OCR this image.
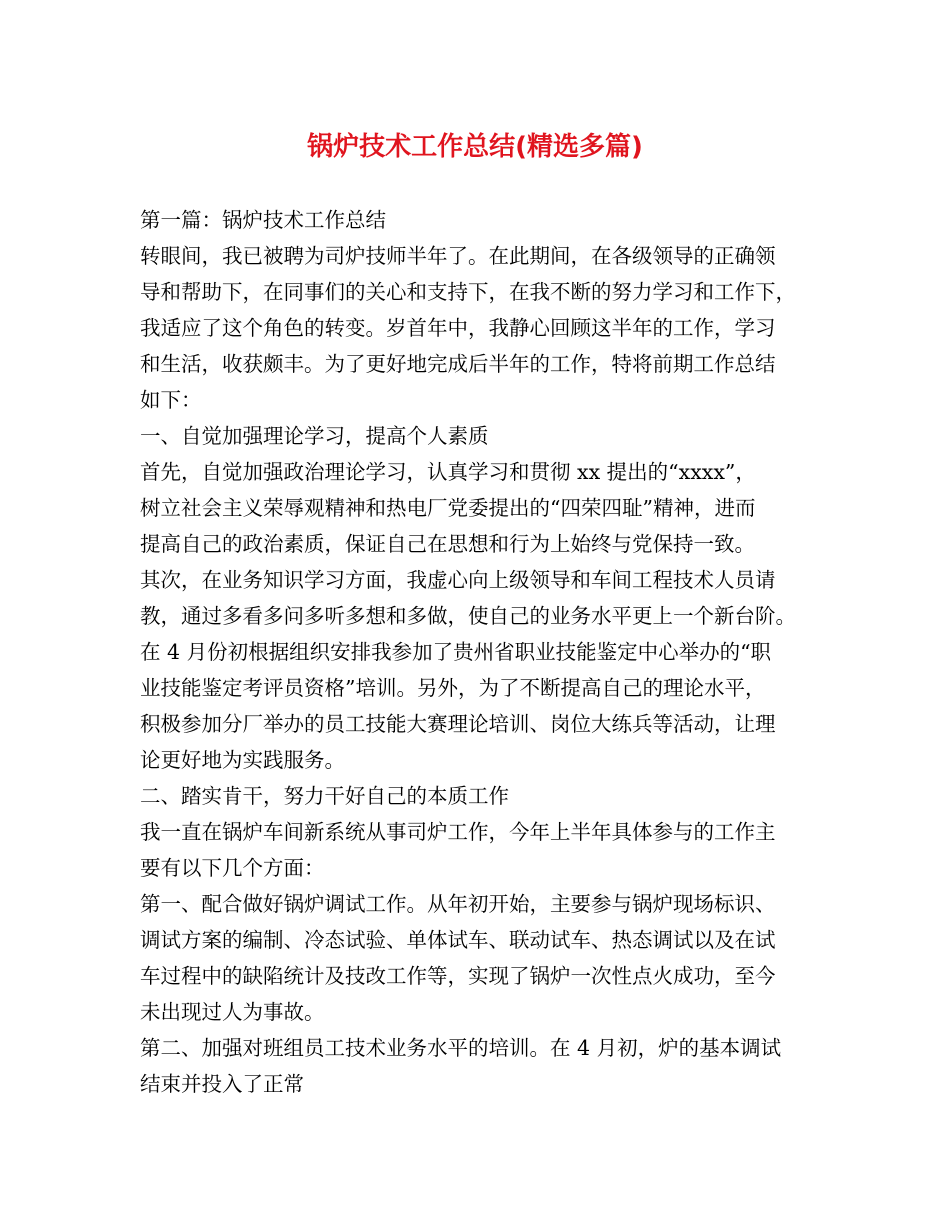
锅炉技术工作总结(精选多篇)
第一篇：锅炉技术工作总结
转眼间，我已被聘为司炉技师半年了。在此期间，在各级领导的正确领
导和帮助下，在同事们的关心和支持下，在我不断的努力学习和工作下，
我适应了这个角色的转变。岁首年中，我静心回顾这半年的工作，学习
和生活，收获颇丰。为了更好地完成后半年的工作，特将前期工作总结
如下：
一、自觉加强理论学习，提高个人素质
首先，自觉加强政治理论学习，认真学习和贯彻 xx 提出的“xxxx”，
树立社会主义荣辱观精神和热电厂党委提出的“四荣四耻”精神，进而
提高自己的政治素质，保证自己在思想和行为上始终与党保持一致。
其次，在业务知识学习方面，我虚心向上级领导和车间工程技术人员请
教，通过多看多问多听多想和多做，使自己的业务水平更上一个新台阶。
在 4 月份初根据组织安排我参加了贵州省职业技能鉴定中心举办的“职
业技能鉴定考评员资格”培训。另外，为了不断提高自己的理论水平，
积极参加分厂举办的员工技能大赛理论培训、岗位大练兵等活动，让理
论更好地为实践服务。
二、踏实肯干，努力干好自己的本质工作
我一直在锅炉车间新系统从事司炉工作，今年上半年具体参与的工作主
要有以下几个方面：
第一、配合做好锅炉调试工作。从年初开始，主要参与锅炉现场标识、
调试方案的编制、冷态试验、单体试车、联动试车、热态调试以及在试
车过程中的缺陷统计及技改工作等，实现了锅炉一次性点火成功，至今
未出现过人为事故。
第二、加强对班组员工技术业务水平的培训。在 4 月初，炉的基本调试
结束并投入了正常
